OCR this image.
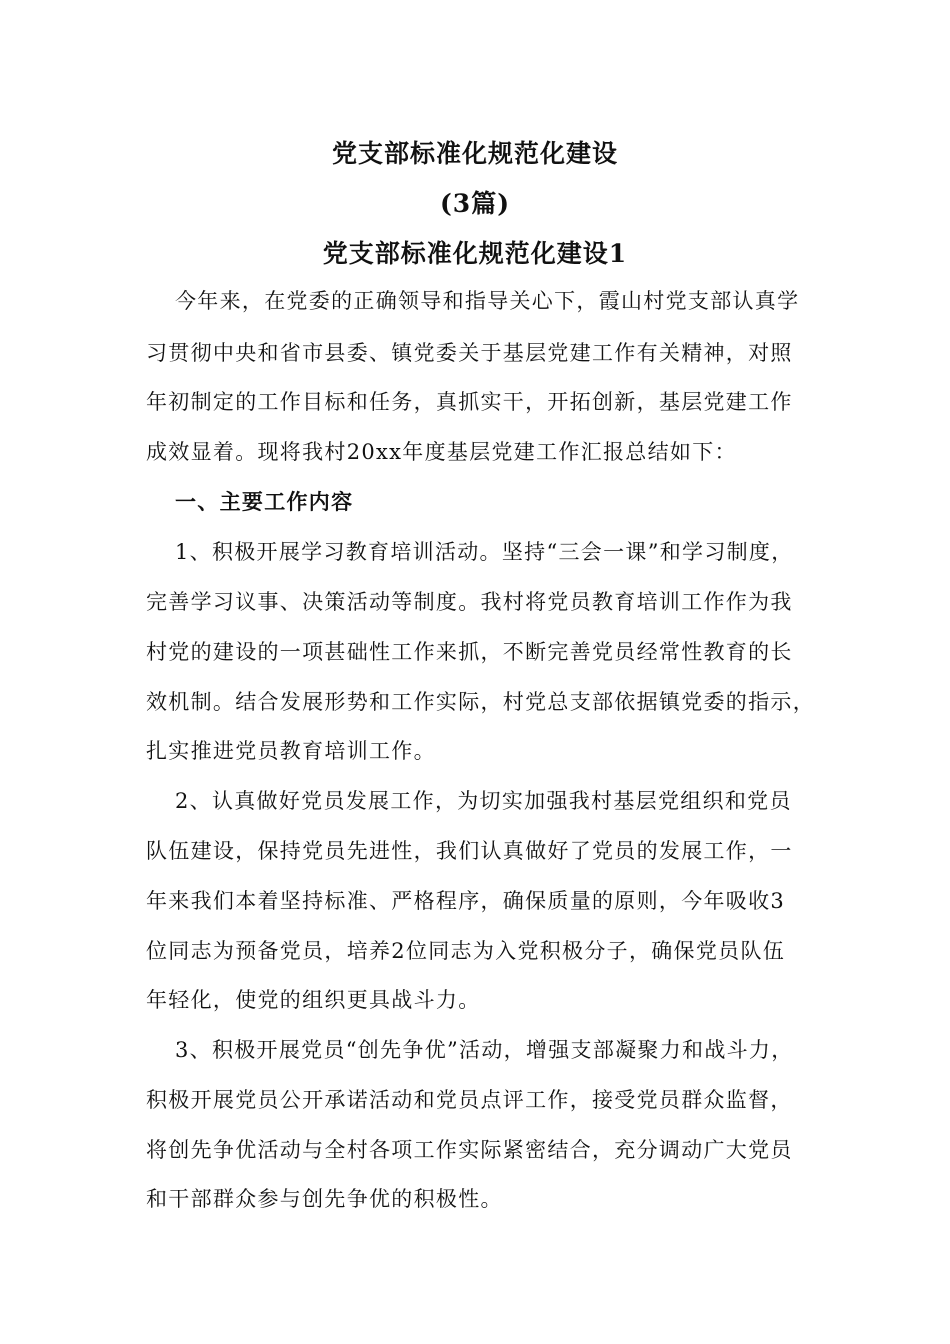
党支部标准化规范化建设
(3篇)
党支部标准化规范化建设1
今年来，在党委的正确领导和指导关心下，霞山村党支部认真学
习贯彻中央和省市县委、镇党委关于基层党建工作有关精神，对照
年初制定的工作目标和任务，真抓实干，开拓创新，基层党建工作
成效显着。现将我村20xx年度基层党建工作汇报总结如下：
一、主要工作内容
1、积极开展学习教育培训活动。坚持“三会一课”和学习制度，
完善学习议事、决策活动等制度。我村将党员教育培训工作作为我
村党的建设的一项甚础性工作来抓，不断完善党员经常性教育的长
效机制。结合发展形势和工作实际，村党总支部依据镇党委的指示，
扎实推进党员教育培训工作。
2、认真做好党员发展工作，为切实加强我村基层党组织和党员
队伍建设，保持党员先进性，我们认真做好了党员的发展工作，一
年来我们本着坚持标准、严格程序，确保质量的原则，今年吸收3
位同志为预备党员，培养2位同志为入党积极分子，确保党员队伍
年轻化，使党的组织更具战斗力。
3、积极开展党员“创先争优”活动，增强支部凝聚力和战斗力，
积极开展党员公开承诺活动和党员点评工作，接受党员群众监督，
将创先争优活动与全村各项工作实际紧密结合，充分调动广大党员
和干部群众参与创先争优的积极性。
